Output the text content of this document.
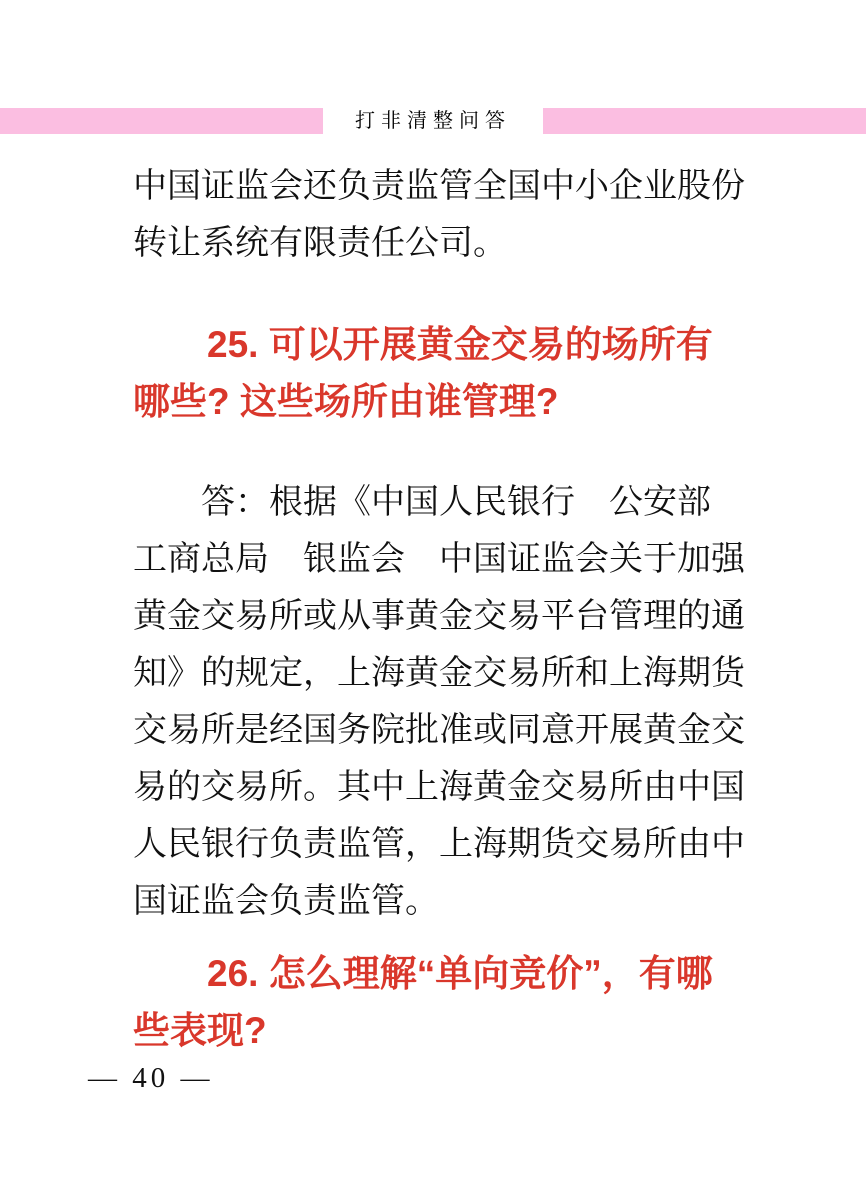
打非清整问答
中国证监会还负责监管全国中小企业股份
转让系统有限责任公司。
25. 可以开展黄金交易的场所有
哪些? 这些场所由谁管理?
答：根据《中国人民银行　公安部
工商总局　银监会　中国证监会关于加强
黄金交易所或从事黄金交易平台管理的通
知》的规定，上海黄金交易所和上海期货
交易所是经国务院批准或同意开展黄金交
易的交易所。其中上海黄金交易所由中国
人民银行负责监管，上海期货交易所由中
国证监会负责监管。
26. 怎么理解“单向竞价”，有哪
些表现?
— 40 —
